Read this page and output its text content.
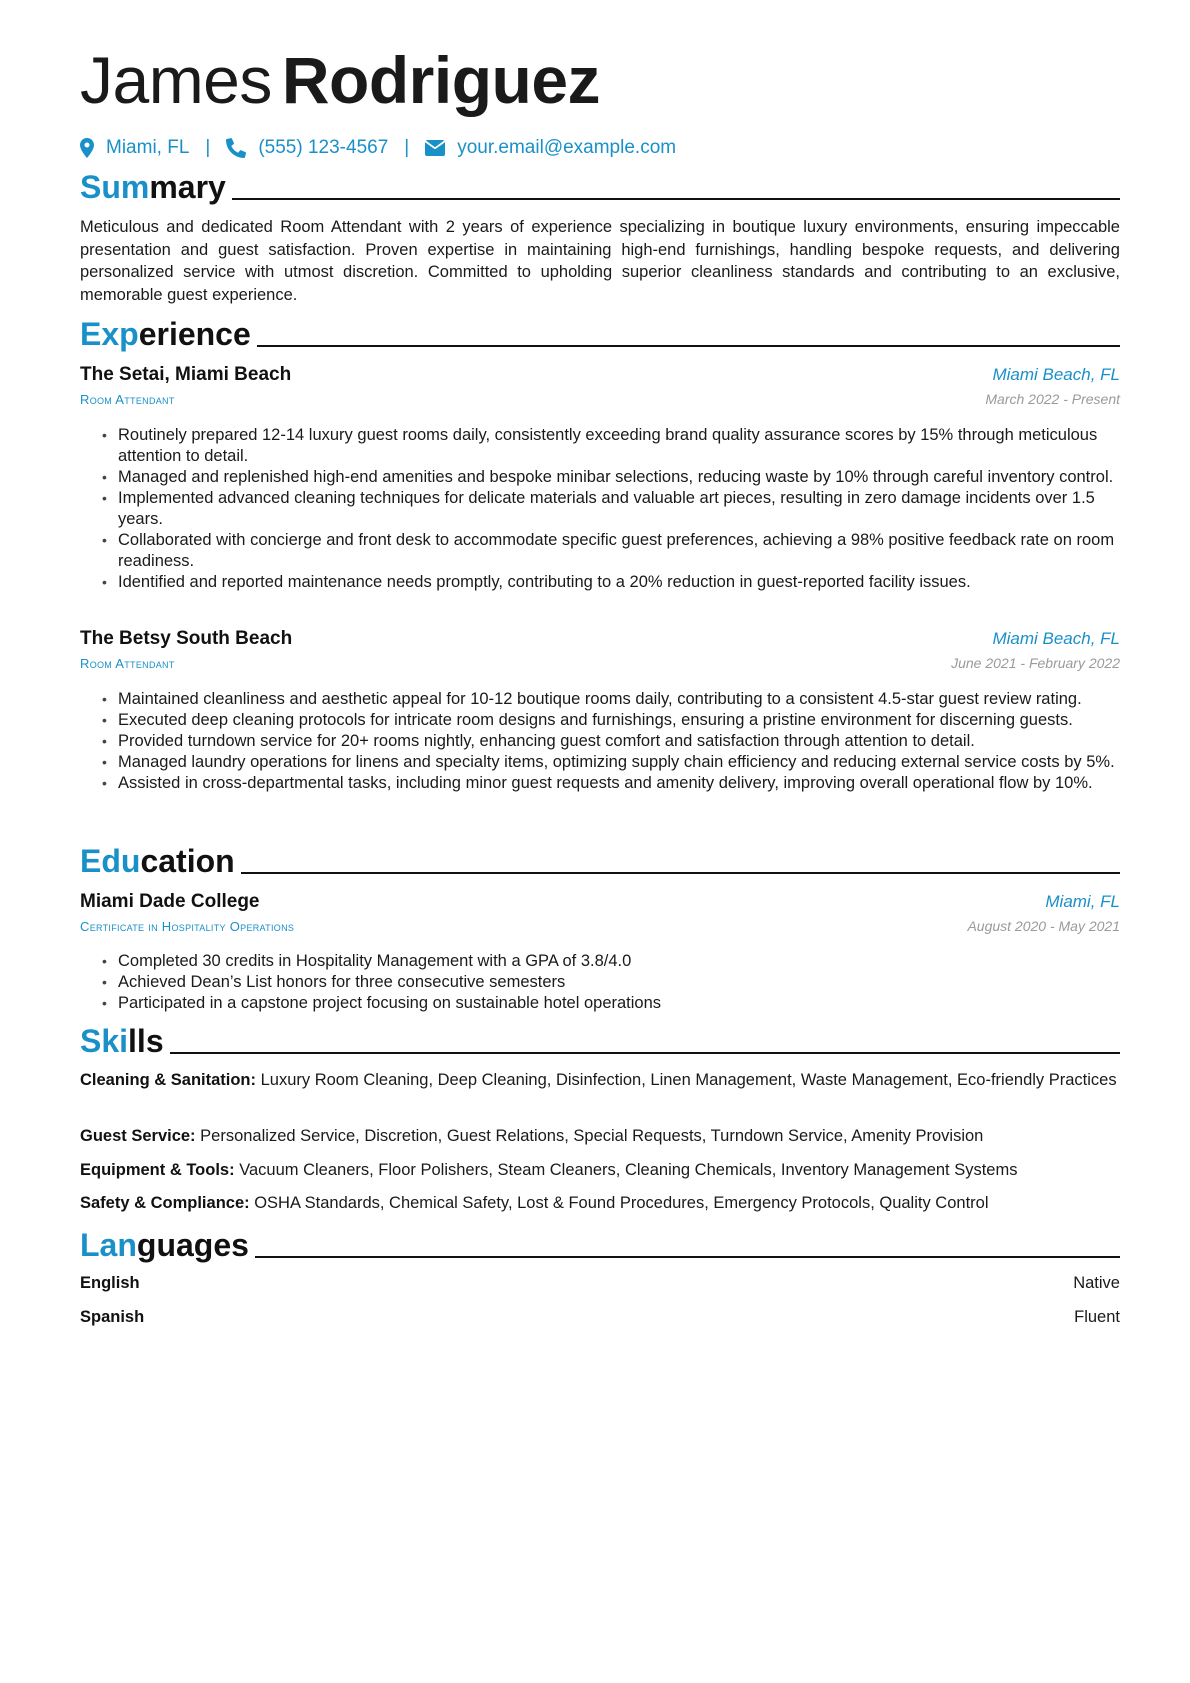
James Rodriguez
Miami, FL |	(555) 123-4567 |	your.email@example.com
Summary
Meticulous and dedicated Room Attendant with 2 years of experience specializing in boutique luxury environments, ensuring impeccable presentation and guest satisfaction. Proven expertise in maintaining high-end furnishings, handling bespoke requests, and delivering personalized service with utmost discretion. Committed to upholding superior cleanliness standards and contributing to an exclusive, memorable guest experience.
Experience
The Setai, Miami Beach	Miami Beach, FL
Room Attendant	March 2022 - Present
• Routinely prepared 12-14 luxury guest rooms daily, consistently exceeding brand quality assurance scores by 15% through meticulous attention to detail.
• Managed and replenished high-end amenities and bespoke minibar selections, reducing waste by 10% through careful inventory control.
• Implemented advanced cleaning techniques for delicate materials and valuable art pieces, resulting in zero damage incidents over 1.5 years.
• Collaborated with concierge and front desk to accommodate specific guest preferences, achieving a 98% positive feedback rate on room readiness.
• Identified and reported maintenance needs promptly, contributing to a 20% reduction in guest-reported facility issues.
The Betsy South Beach	Miami Beach, FL
Room Attendant	June 2021 - February 2022
• Maintained cleanliness and aesthetic appeal for 10-12 boutique rooms daily, contributing to a consistent 4.5-star guest review rating.
• Executed deep cleaning protocols for intricate room designs and furnishings, ensuring a pristine environment for discerning guests.
• Provided turndown service for 20+ rooms nightly, enhancing guest comfort and satisfaction through attention to detail.
• Managed laundry operations for linens and specialty items, optimizing supply chain efficiency and reducing external service costs by 5%.
• Assisted in cross-departmental tasks, including minor guest requests and amenity delivery, improving overall operational flow by 10%.
Education
Miami Dade College	Miami, FL
Certificate in Hospitality Operations	August 2020 - May 2021
• Completed 30 credits in Hospitality Management with a GPA of 3.8/4.0
• Achieved Dean’s List honors for three consecutive semesters
• Participated in a capstone project focusing on sustainable hotel operations
Skills
Cleaning & Sanitation: Luxury Room Cleaning, Deep Cleaning, Disinfection, Linen Management, Waste Management, Eco-friendly Practices
Guest Service: Personalized Service, Discretion, Guest Relations, Special Requests, Turndown Service, Amenity Provision
Equipment & Tools: Vacuum Cleaners, Floor Polishers, Steam Cleaners, Cleaning Chemicals, Inventory Management Systems
Safety & Compliance: OSHA Standards, Chemical Safety, Lost & Found Procedures, Emergency Protocols, Quality Control
Languages
English	Native
Spanish	Fluent
